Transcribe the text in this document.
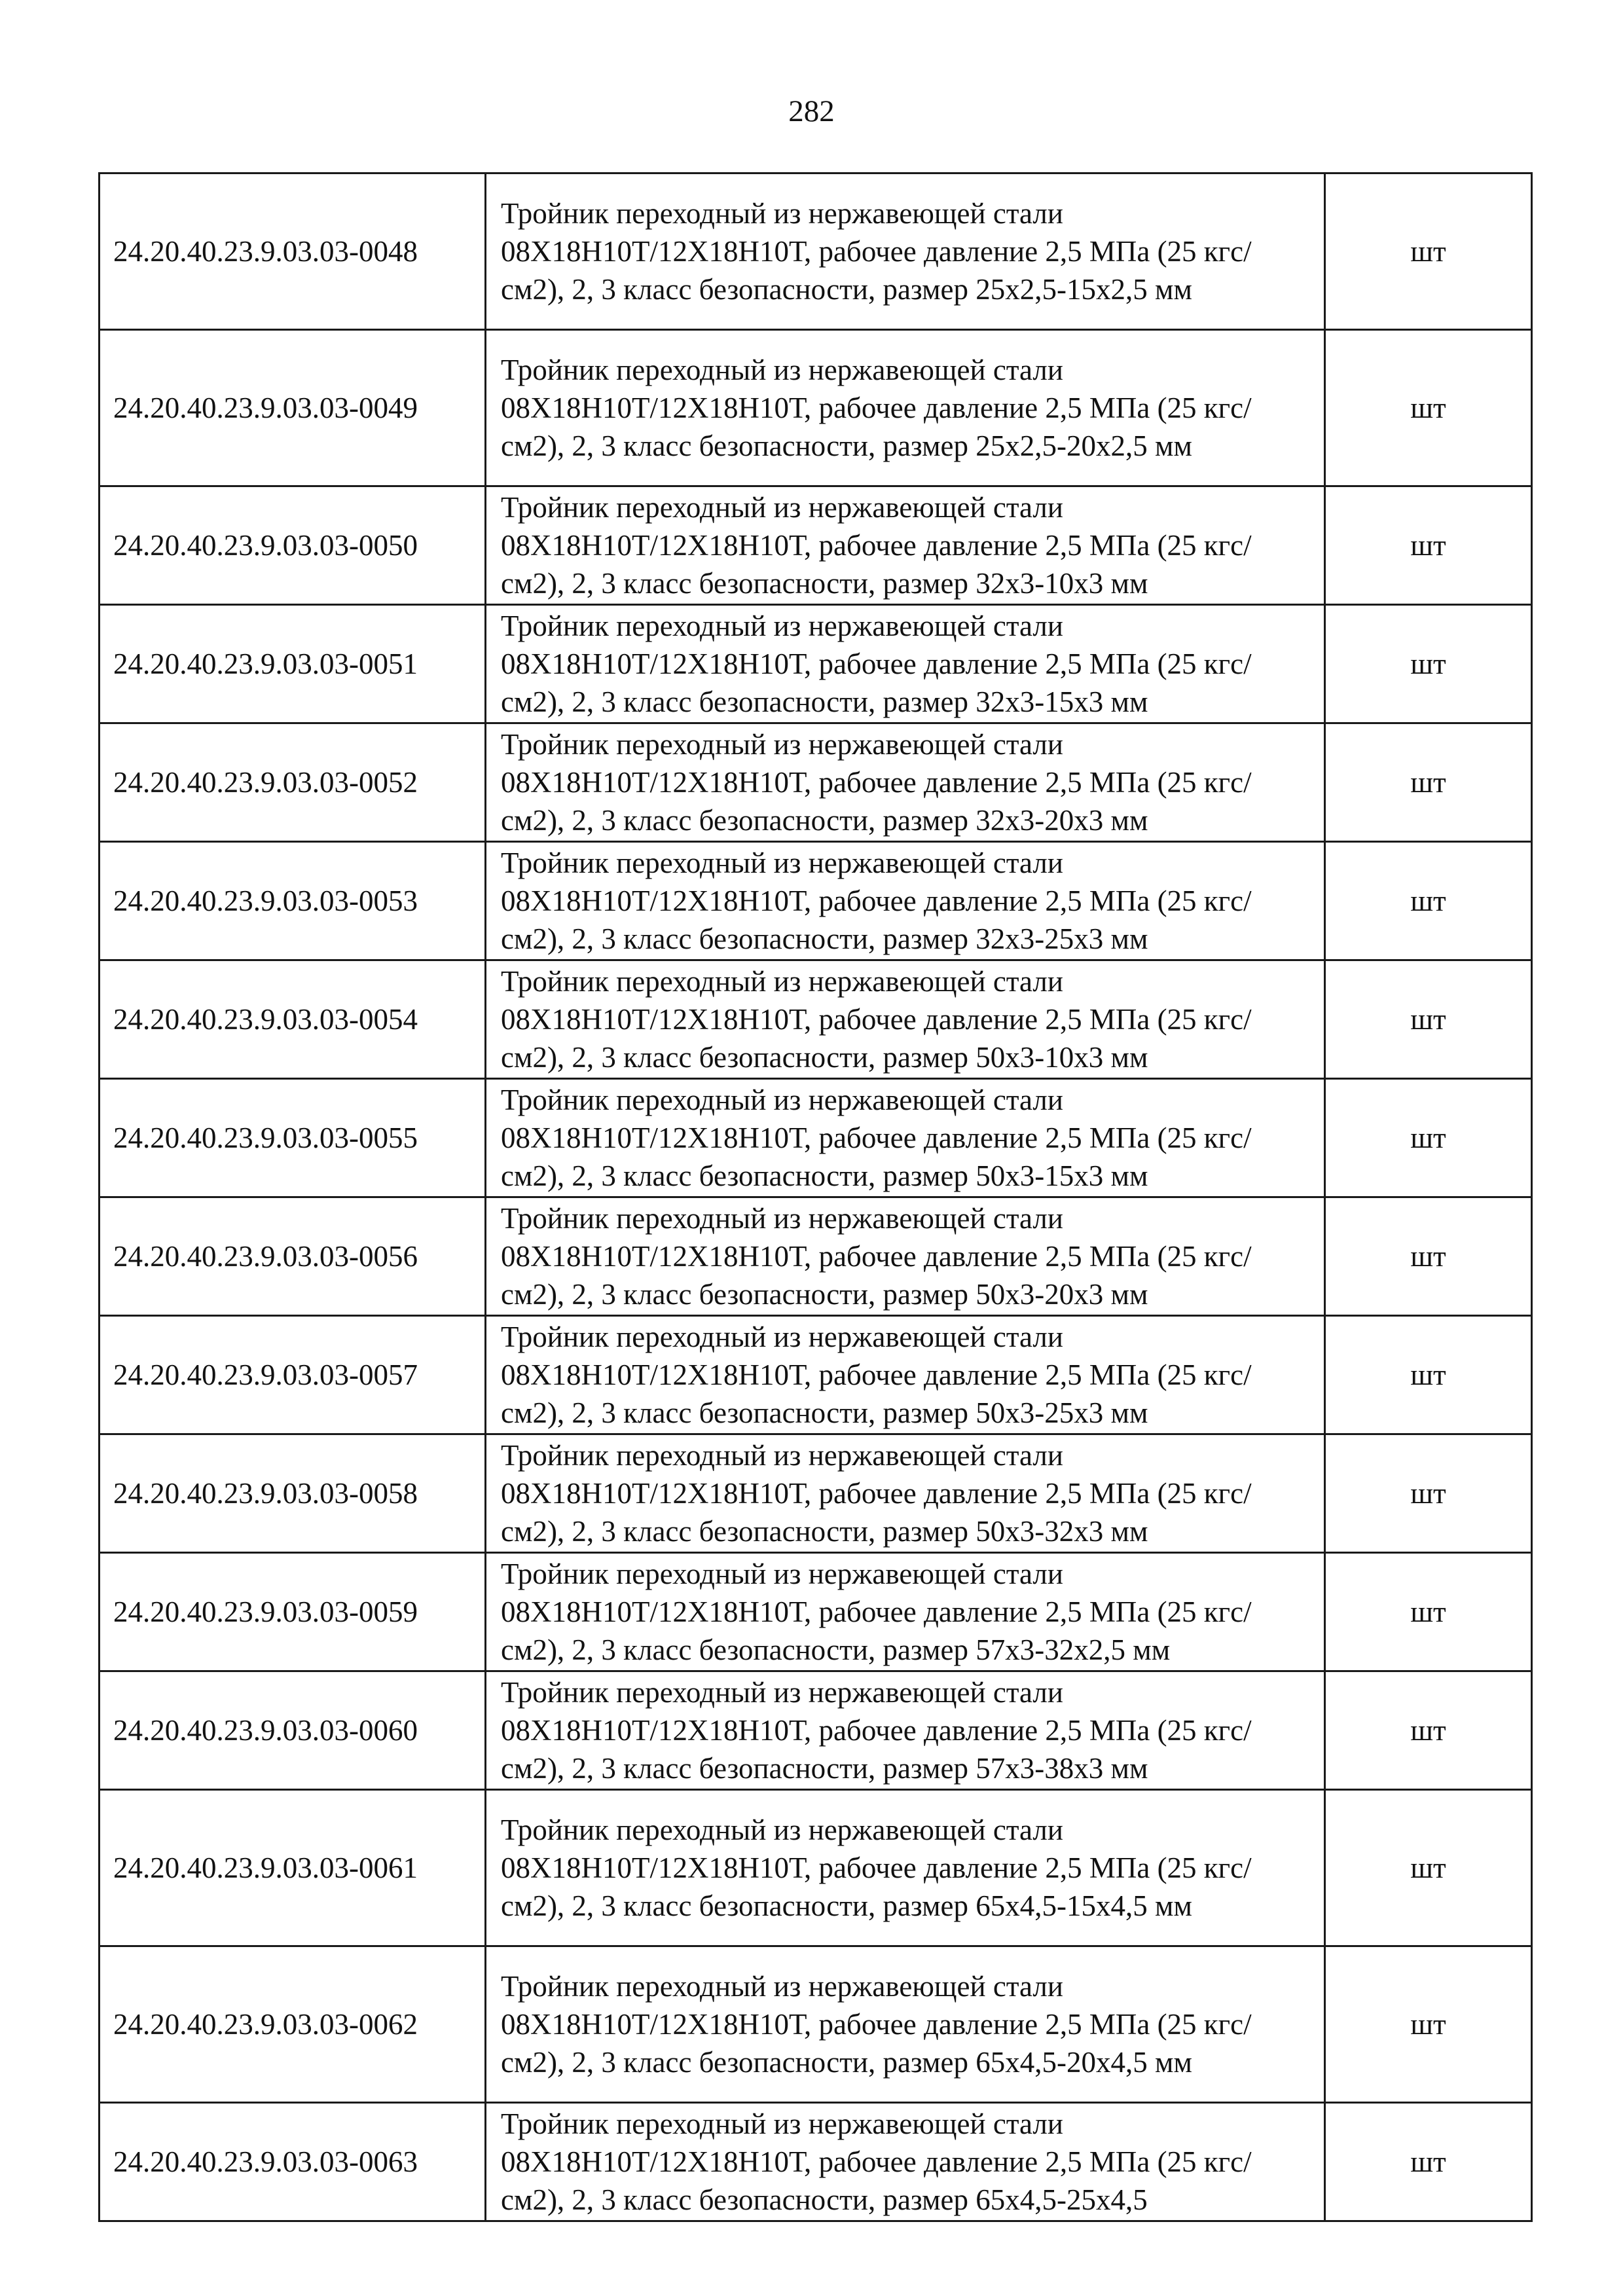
282
24.20.40.23.9.03.03-0048	Тройник переходный из нержавеющей стали 08Х18Н10Т/12Х18Н10Т, рабочее давление 2,5 МПа (25 кгс/см2), 2, 3 класс безопасности, размер 25х2,5-15х2,5 мм	шт
24.20.40.23.9.03.03-0049	Тройник переходный из нержавеющей стали 08Х18Н10Т/12Х18Н10Т, рабочее давление 2,5 МПа (25 кгс/см2), 2, 3 класс безопасности, размер 25х2,5-20х2,5 мм	шт
24.20.40.23.9.03.03-0050	Тройник переходный из нержавеющей стали 08Х18Н10Т/12Х18Н10Т, рабочее давление 2,5 МПа (25 кгс/см2), 2, 3 класс безопасности, размер 32х3-10х3 мм	шт
24.20.40.23.9.03.03-0051	Тройник переходный из нержавеющей стали 08Х18Н10Т/12Х18Н10Т, рабочее давление 2,5 МПа (25 кгс/см2), 2, 3 класс безопасности, размер 32х3-15х3 мм	шт
24.20.40.23.9.03.03-0052	Тройник переходный из нержавеющей стали 08Х18Н10Т/12Х18Н10Т, рабочее давление 2,5 МПа (25 кгс/см2), 2, 3 класс безопасности, размер 32х3-20х3 мм	шт
24.20.40.23.9.03.03-0053	Тройник переходный из нержавеющей стали 08Х18Н10Т/12Х18Н10Т, рабочее давление 2,5 МПа (25 кгс/см2), 2, 3 класс безопасности, размер 32х3-25х3 мм	шт
24.20.40.23.9.03.03-0054	Тройник переходный из нержавеющей стали 08Х18Н10Т/12Х18Н10Т, рабочее давление 2,5 МПа (25 кгс/см2), 2, 3 класс безопасности, размер 50х3-10х3 мм	шт
24.20.40.23.9.03.03-0055	Тройник переходный из нержавеющей стали 08Х18Н10Т/12Х18Н10Т, рабочее давление 2,5 МПа (25 кгс/см2), 2, 3 класс безопасности, размер 50х3-15х3 мм	шт
24.20.40.23.9.03.03-0056	Тройник переходный из нержавеющей стали 08Х18Н10Т/12Х18Н10Т, рабочее давление 2,5 МПа (25 кгс/см2), 2, 3 класс безопасности, размер 50х3-20х3 мм	шт
24.20.40.23.9.03.03-0057	Тройник переходный из нержавеющей стали 08Х18Н10Т/12Х18Н10Т, рабочее давление 2,5 МПа (25 кгс/см2), 2, 3 класс безопасности, размер 50х3-25х3 мм	шт
24.20.40.23.9.03.03-0058	Тройник переходный из нержавеющей стали 08Х18Н10Т/12Х18Н10Т, рабочее давление 2,5 МПа (25 кгс/см2), 2, 3 класс безопасности, размер 50х3-32х3 мм	шт
24.20.40.23.9.03.03-0059	Тройник переходный из нержавеющей стали 08Х18Н10Т/12Х18Н10Т, рабочее давление 2,5 МПа (25 кгс/см2), 2, 3 класс безопасности, размер 57х3-32х2,5 мм	шт
24.20.40.23.9.03.03-0060	Тройник переходный из нержавеющей стали 08Х18Н10Т/12Х18Н10Т, рабочее давление 2,5 МПа (25 кгс/см2), 2, 3 класс безопасности, размер 57х3-38х3 мм	шт
24.20.40.23.9.03.03-0061	Тройник переходный из нержавеющей стали 08Х18Н10Т/12Х18Н10Т, рабочее давление 2,5 МПа (25 кгс/см2), 2, 3 класс безопасности, размер 65х4,5-15х4,5 мм	шт
24.20.40.23.9.03.03-0062	Тройник переходный из нержавеющей стали 08Х18Н10Т/12Х18Н10Т, рабочее давление 2,5 МПа (25 кгс/см2), 2, 3 класс безопасности, размер 65х4,5-20х4,5 мм	шт
24.20.40.23.9.03.03-0063	Тройник переходный из нержавеющей стали 08Х18Н10Т/12Х18Н10Т, рабочее давление 2,5 МПа (25 кгс/см2), 2, 3 класс безопасности, размер 65х4,5-25х4,5	шт
